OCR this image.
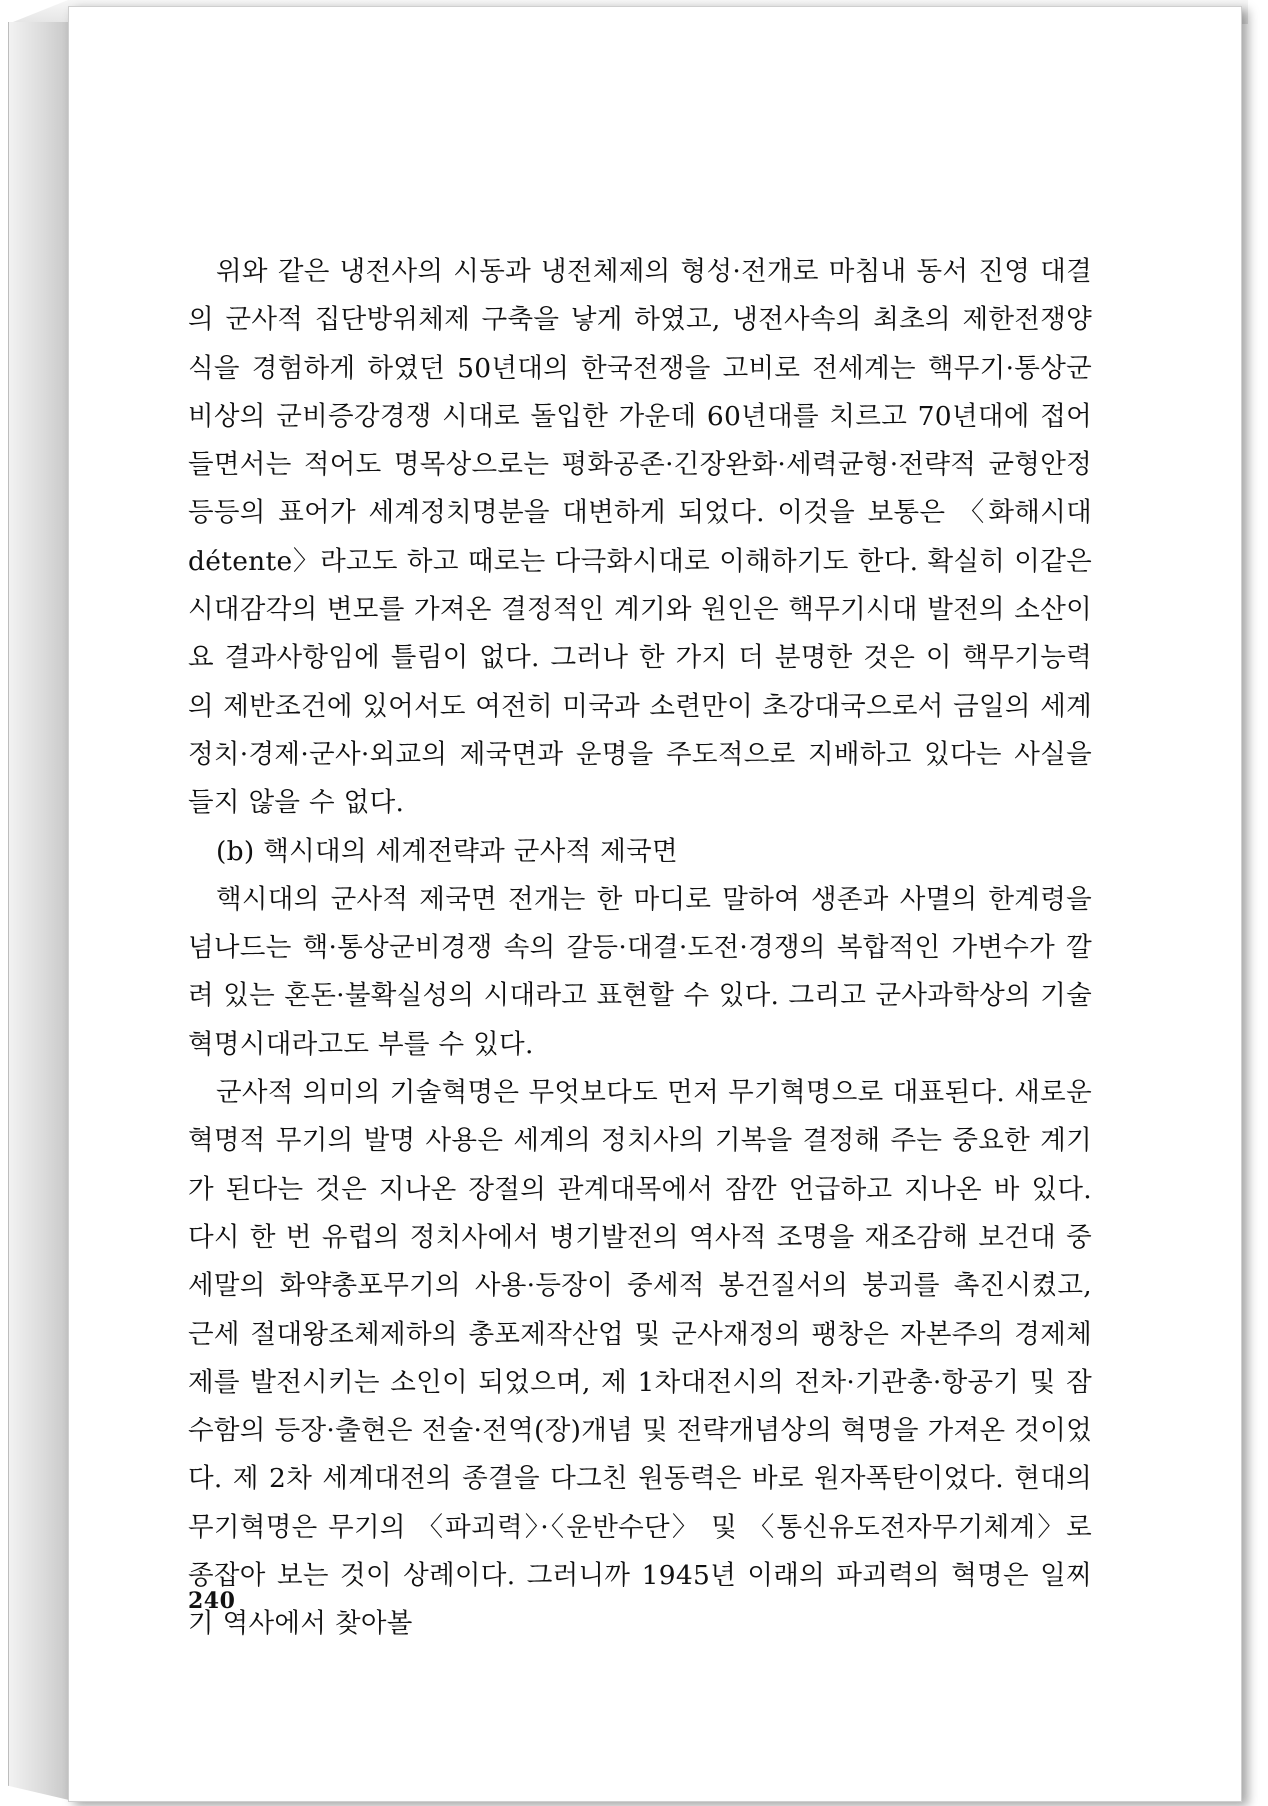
위와 같은 냉전사의 시동과 냉전체제의 형성·전개로 마침내 동서 진영 대결의 군사적 집단방위체제 구축을 낳게 하였고, 냉전사속의 최초의 제한전쟁양식을 경험하게 하였던 50년대의 한국전쟁을 고비로 전세계는 핵무기·통상군비상의 군비증강경쟁 시대로 돌입한 가운데 60년대를 치르고 70년대에 접어들면서는 적어도 명목상으로는 평화공존·긴장완화·세력균형·전략적 균형안정 등등의 표어가 세계정치명분을 대변하게 되었다. 이것을 보통은 〈화해시대 détente〉라고도 하고 때로는 다극화시대로 이해하기도 한다. 확실히 이같은 시대감각의 변모를 가져온 결정적인 계기와 원인은 핵무기시대 발전의 소산이요 결과사항임에 틀림이 없다. 그러나 한 가지 더 분명한 것은 이 핵무기능력의 제반조건에 있어서도 여전히 미국과 소련만이 초강대국으로서 금일의 세계 정치·경제·군사·외교의 제국면과 운명을 주도적으로 지배하고 있다는 사실을 들지 않을 수 없다.

(b) 핵시대의 세계전략과 군사적 제국면

핵시대의 군사적 제국면 전개는 한 마디로 말하여 생존과 사멸의 한계령을 넘나드는 핵·통상군비경쟁 속의 갈등·대결·도전·경쟁의 복합적인 가변수가 깔려 있는 혼돈·불확실성의 시대라고 표현할 수 있다. 그리고 군사과학상의 기술혁명시대라고도 부를 수 있다.

군사적 의미의 기술혁명은 무엇보다도 먼저 무기혁명으로 대표된다. 새로운 혁명적 무기의 발명 사용은 세계의 정치사의 기복을 결정해 주는 중요한 계기가 된다는 것은 지나온 장절의 관계대목에서 잠깐 언급하고 지나온 바 있다. 다시 한 번 유럽의 정치사에서 병기발전의 역사적 조명을 재조감해 보건대 중세말의 화약총포무기의 사용·등장이 중세적 봉건질서의 붕괴를 촉진시켰고, 근세 절대왕조체제하의 총포제작산업 및 군사재정의 팽창은 자본주의 경제체제를 발전시키는 소인이 되었으며, 제 1차대전시의 전차·기관총·항공기 및 잠수함의 등장·출현은 전술·전역(장)개념 및 전략개념상의 혁명을 가져온 것이었다. 제 2차 세계대전의 종결을 다그친 원동력은 바로 원자폭탄이었다. 현대의 무기혁명은 무기의 〈파괴력〉·〈운반수단〉 및 〈통신유도전자무기체계〉로 종잡아 보는 것이 상례이다. 그러니까 1945년 이래의 파괴력의 혁명은 일찌기 역사에서 찾아볼

240
